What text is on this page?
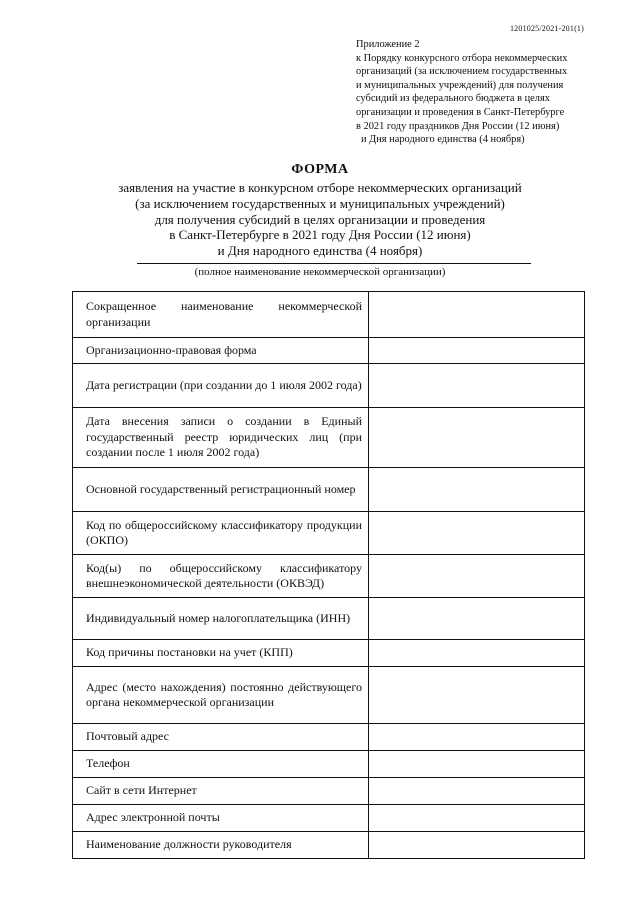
1201025/2021-201(1)
Приложение 2
к Порядку конкурсного отбора некоммерческих
организаций (за исключением государственных
и муниципальных учреждений) для получения
субсидий из федерального бюджета в целях
организации и проведения в Санкт-Петербурге
в 2021 году праздников Дня России (12 июня)
и Дня народного единства (4 ноября)
ФОРМА
заявления на участие в конкурсном отборе некоммерческих организаций
(за исключением государственных и муниципальных учреждений)
для получения субсидий в целях организации и проведения
в Санкт-Петербурге в 2021 году Дня России (12 июня)
и Дня народного единства (4 ноября)
(полное наименование некоммерческой организации)
Сокращенное наименование некоммерческой организации	
Организационно-правовая форма	
Дата регистрации (при создании до 1 июля 2002 года)	
Дата внесения записи о создании в Единый государственный реестр юридических лиц (при создании после 1 июля 2002 года)	
Основной государственный регистрационный номер	
Код по общероссийскому классификатору продукции (ОКПО)	
Код(ы) по общероссийскому классификатору внешнеэкономической деятельности (ОКВЭД)	
Индивидуальный номер налогоплательщика (ИНН)	
Код причины постановки на учет (КПП)	
Адрес (место нахождения) постоянно действующего органа некоммерческой организации	
Почтовый адрес	
Телефон	
Сайт в сети Интернет	
Адрес электронной почты	
Наименование должности руководителя	
